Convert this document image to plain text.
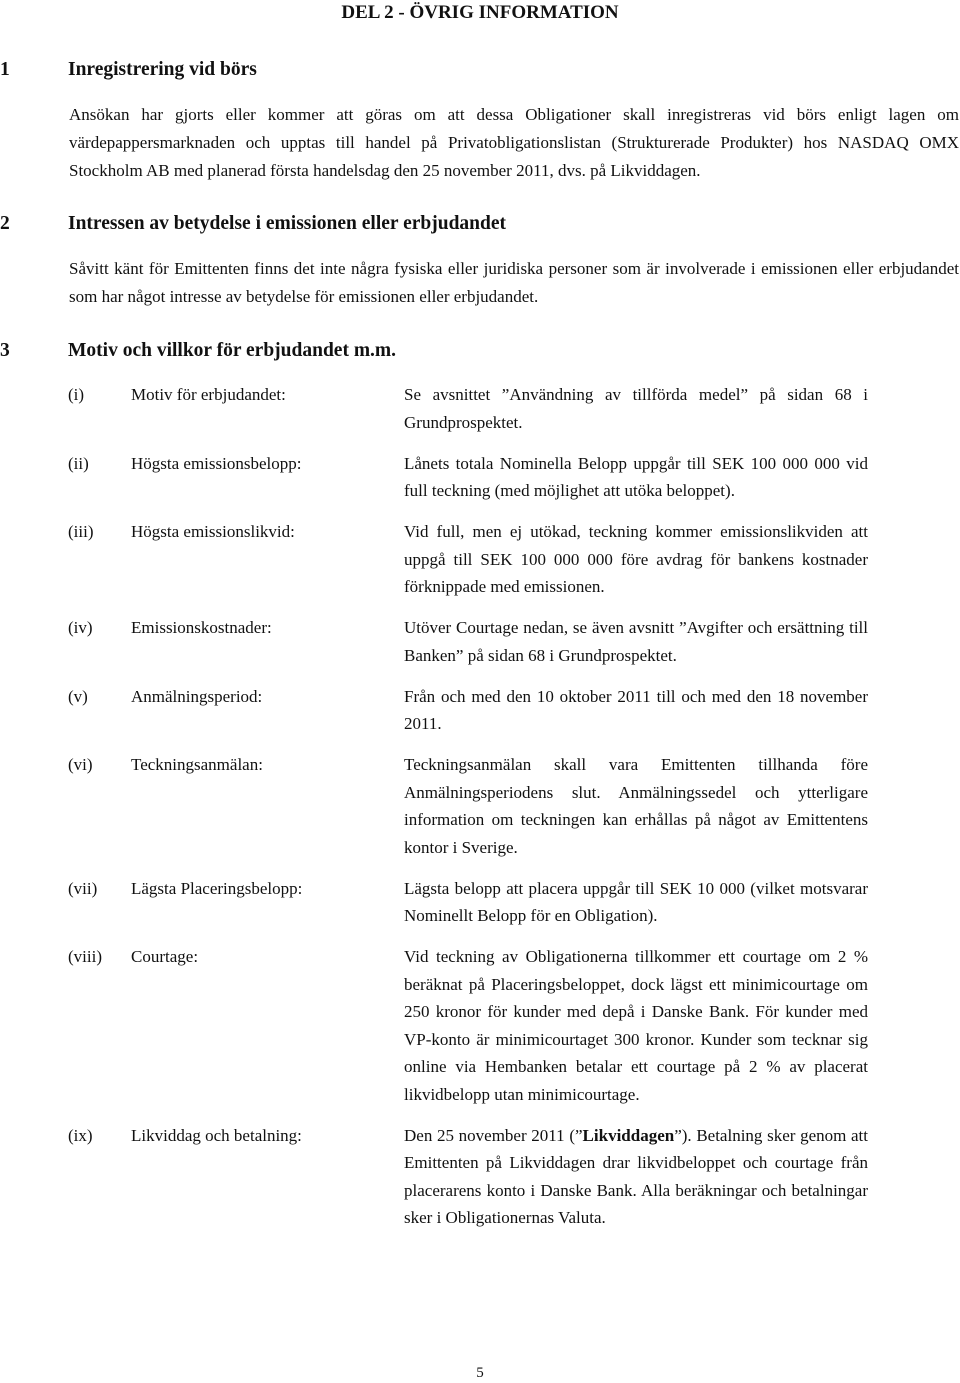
DEL 2 - ÖVRIG INFORMATION
1	Inregistrering vid börs
Ansökan har gjorts eller kommer att göras om att dessa Obligationer skall inregistreras vid börs enligt lagen om värdepappersmarknaden och upptas till handel på Privatobligationslistan (Strukturerade Produkter) hos NASDAQ OMX Stockholm AB med planerad första handelsdag den 25 november 2011, dvs. på Likviddagen.
2	Intressen av betydelse i emissionen eller erbjudandet
Såvitt känt för Emittenten finns det inte några fysiska eller juridiska personer som är involverade i emissionen eller erbjudandet som har något intresse av betydelse för emissionen eller erbjudandet.
3	Motiv och villkor för erbjudandet m.m.
(i)	Motiv för erbjudandet:	Se avsnittet ”Användning av tillförda medel” på sidan 68 i Grundprospektet.
(ii) Högsta emissionsbelopp:	Lånets totala Nominella Belopp uppgår till SEK 100 000 000 vid full teckning (med möjlighet att utöka beloppet).
(iii) Högsta emissionslikvid:	Vid full, men ej utökad, teckning kommer emissionslikviden att uppgå till SEK 100 000 000 före avdrag för bankens kostnader förknippade med emissionen.
(iv) Emissionskostnader:	Utöver Courtage nedan, se även avsnitt ”Avgifter och ersättning till Banken” på sidan 68 i Grundprospektet.
(v)	Anmälningsperiod:	Från och med den 10 oktober 2011 till och med den 18 november 2011.
(vi) Teckningsanmälan:	Teckningsanmälan skall vara Emittenten tillhanda före Anmälningsperiodens slut. Anmälningssedel och ytterligare information om teckningen kan erhållas på något av Emittentens kontor i Sverige.
(vii) Lägsta Placeringsbelopp:	Lägsta belopp att placera uppgår till SEK 10 000 (vilket motsvarar Nominellt Belopp för en Obligation).
(viii) Courtage:	Vid teckning av Obligationerna tillkommer ett courtage om 2 % beräknat på Placeringsbeloppet, dock lägst ett minimicourtage om 250 kronor för kunder med depå i Danske Bank. För kunder med VP-konto är minimicourtaget 300 kronor. Kunder som tecknar sig online via Hembanken betalar ett courtage på 2 % av placerat likvidbelopp utan minimicourtage.
(ix) Likviddag och betalning:	Den 25 november 2011 (”Likviddagen”). Betalning sker genom att Emittenten på Likviddagen drar likvidbeloppet och courtage från placerarens konto i Danske Bank. Alla beräkningar och betalningar sker i Obligationernas Valuta.
5
